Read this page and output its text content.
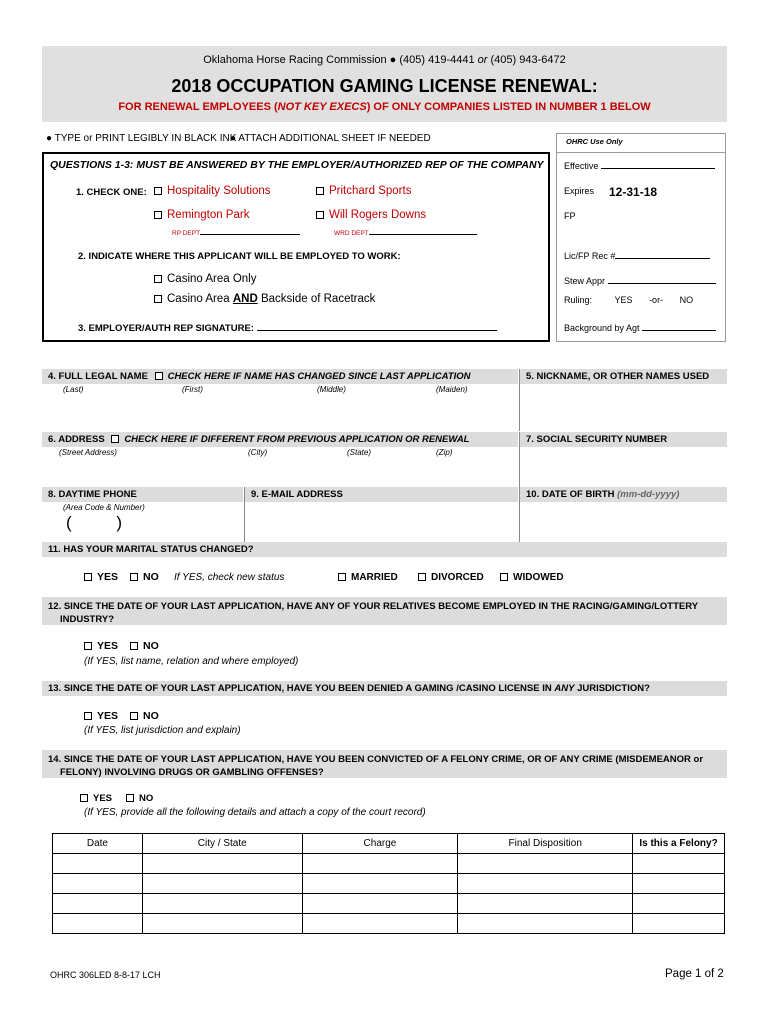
Oklahoma Horse Racing Commission ● (405) 419-4441 or (405) 943-6472
2018 OCCUPATION GAMING LICENSE RENEWAL:
FOR RENEWAL EMPLOYEES (NOT KEY EXECS) OF ONLY COMPANIES LISTED IN NUMBER 1 BELOW
● TYPE or PRINT LEGIBLY IN BLACK INK
● ATTACH ADDITIONAL SHEET IF NEEDED
QUESTIONS 1-3: MUST BE ANSWERED BY THE EMPLOYER/AUTHORIZED REP OF THE COMPANY
1. CHECK ONE:	Hospitality Solutions	Pritchard Sports
Remington Park	Will Rogers Downs
RP DEPT	WRD DEPT
2. INDICATE WHERE THIS APPLICANT WILL BE EMPLOYED TO WORK:
Casino Area Only
Casino Area AND Backside of Racetrack
3. EMPLOYER/AUTH REP SIGNATURE:
OHRC Use Only
Effective
Expires 12-31-18
FP
Lic/FP Rec #
Stew Appr
Ruling:	YES -or- NO
Background by Agt
4. FULL LEGAL NAME CHECK HERE IF NAME HAS CHANGED SINCE LAST APPLICATION	5. NICKNAME, OR OTHER NAMES USED
(Last)	(First)	(Middle)	(Maiden)
6. ADDRESS CHECK HERE IF DIFFERENT FROM PREVIOUS APPLICATION OR RENEWAL	7. SOCIAL SECURITY NUMBER
(Street Address)	(City)	(State)	(Zip)
8. DAYTIME PHONE	9. E-MAIL ADDRESS	10. DATE OF BIRTH (mm-dd-yyyy)
(Area Code & Number)
(	)
11. HAS YOUR MARITAL STATUS CHANGED?
YES	NO If YES, check new status	MARRIED	DIVORCED	WIDOWED
12. SINCE THE DATE OF YOUR LAST APPLICATION, HAVE ANY OF YOUR RELATIVES BECOME EMPLOYED IN THE RACING/GAMING/LOTTERY
INDUSTRY?
YES	NO
(If YES, list name, relation and where employed)
13. SINCE THE DATE OF YOUR LAST APPLICATION, HAVE YOU BEEN DENIED A GAMING /CASINO LICENSE IN ANY JURISDICTION?
YES	NO
(If YES, list jurisdiction and explain)
14. SINCE THE DATE OF YOUR LAST APPLICATION, HAVE YOU BEEN CONVICTED OF A FELONY CRIME, OR OF ANY CRIME (MISDEMEANOR or
FELONY) INVOLVING DRUGS OR GAMBLING OFFENSES?
YES	NO
(If YES, provide all the following details and attach a copy of the court record)
Date	City / State	Charge	Final Disposition	Is this a Felony?

OHRC 306LED 8-8-17 LCH	Page 1 of 2
